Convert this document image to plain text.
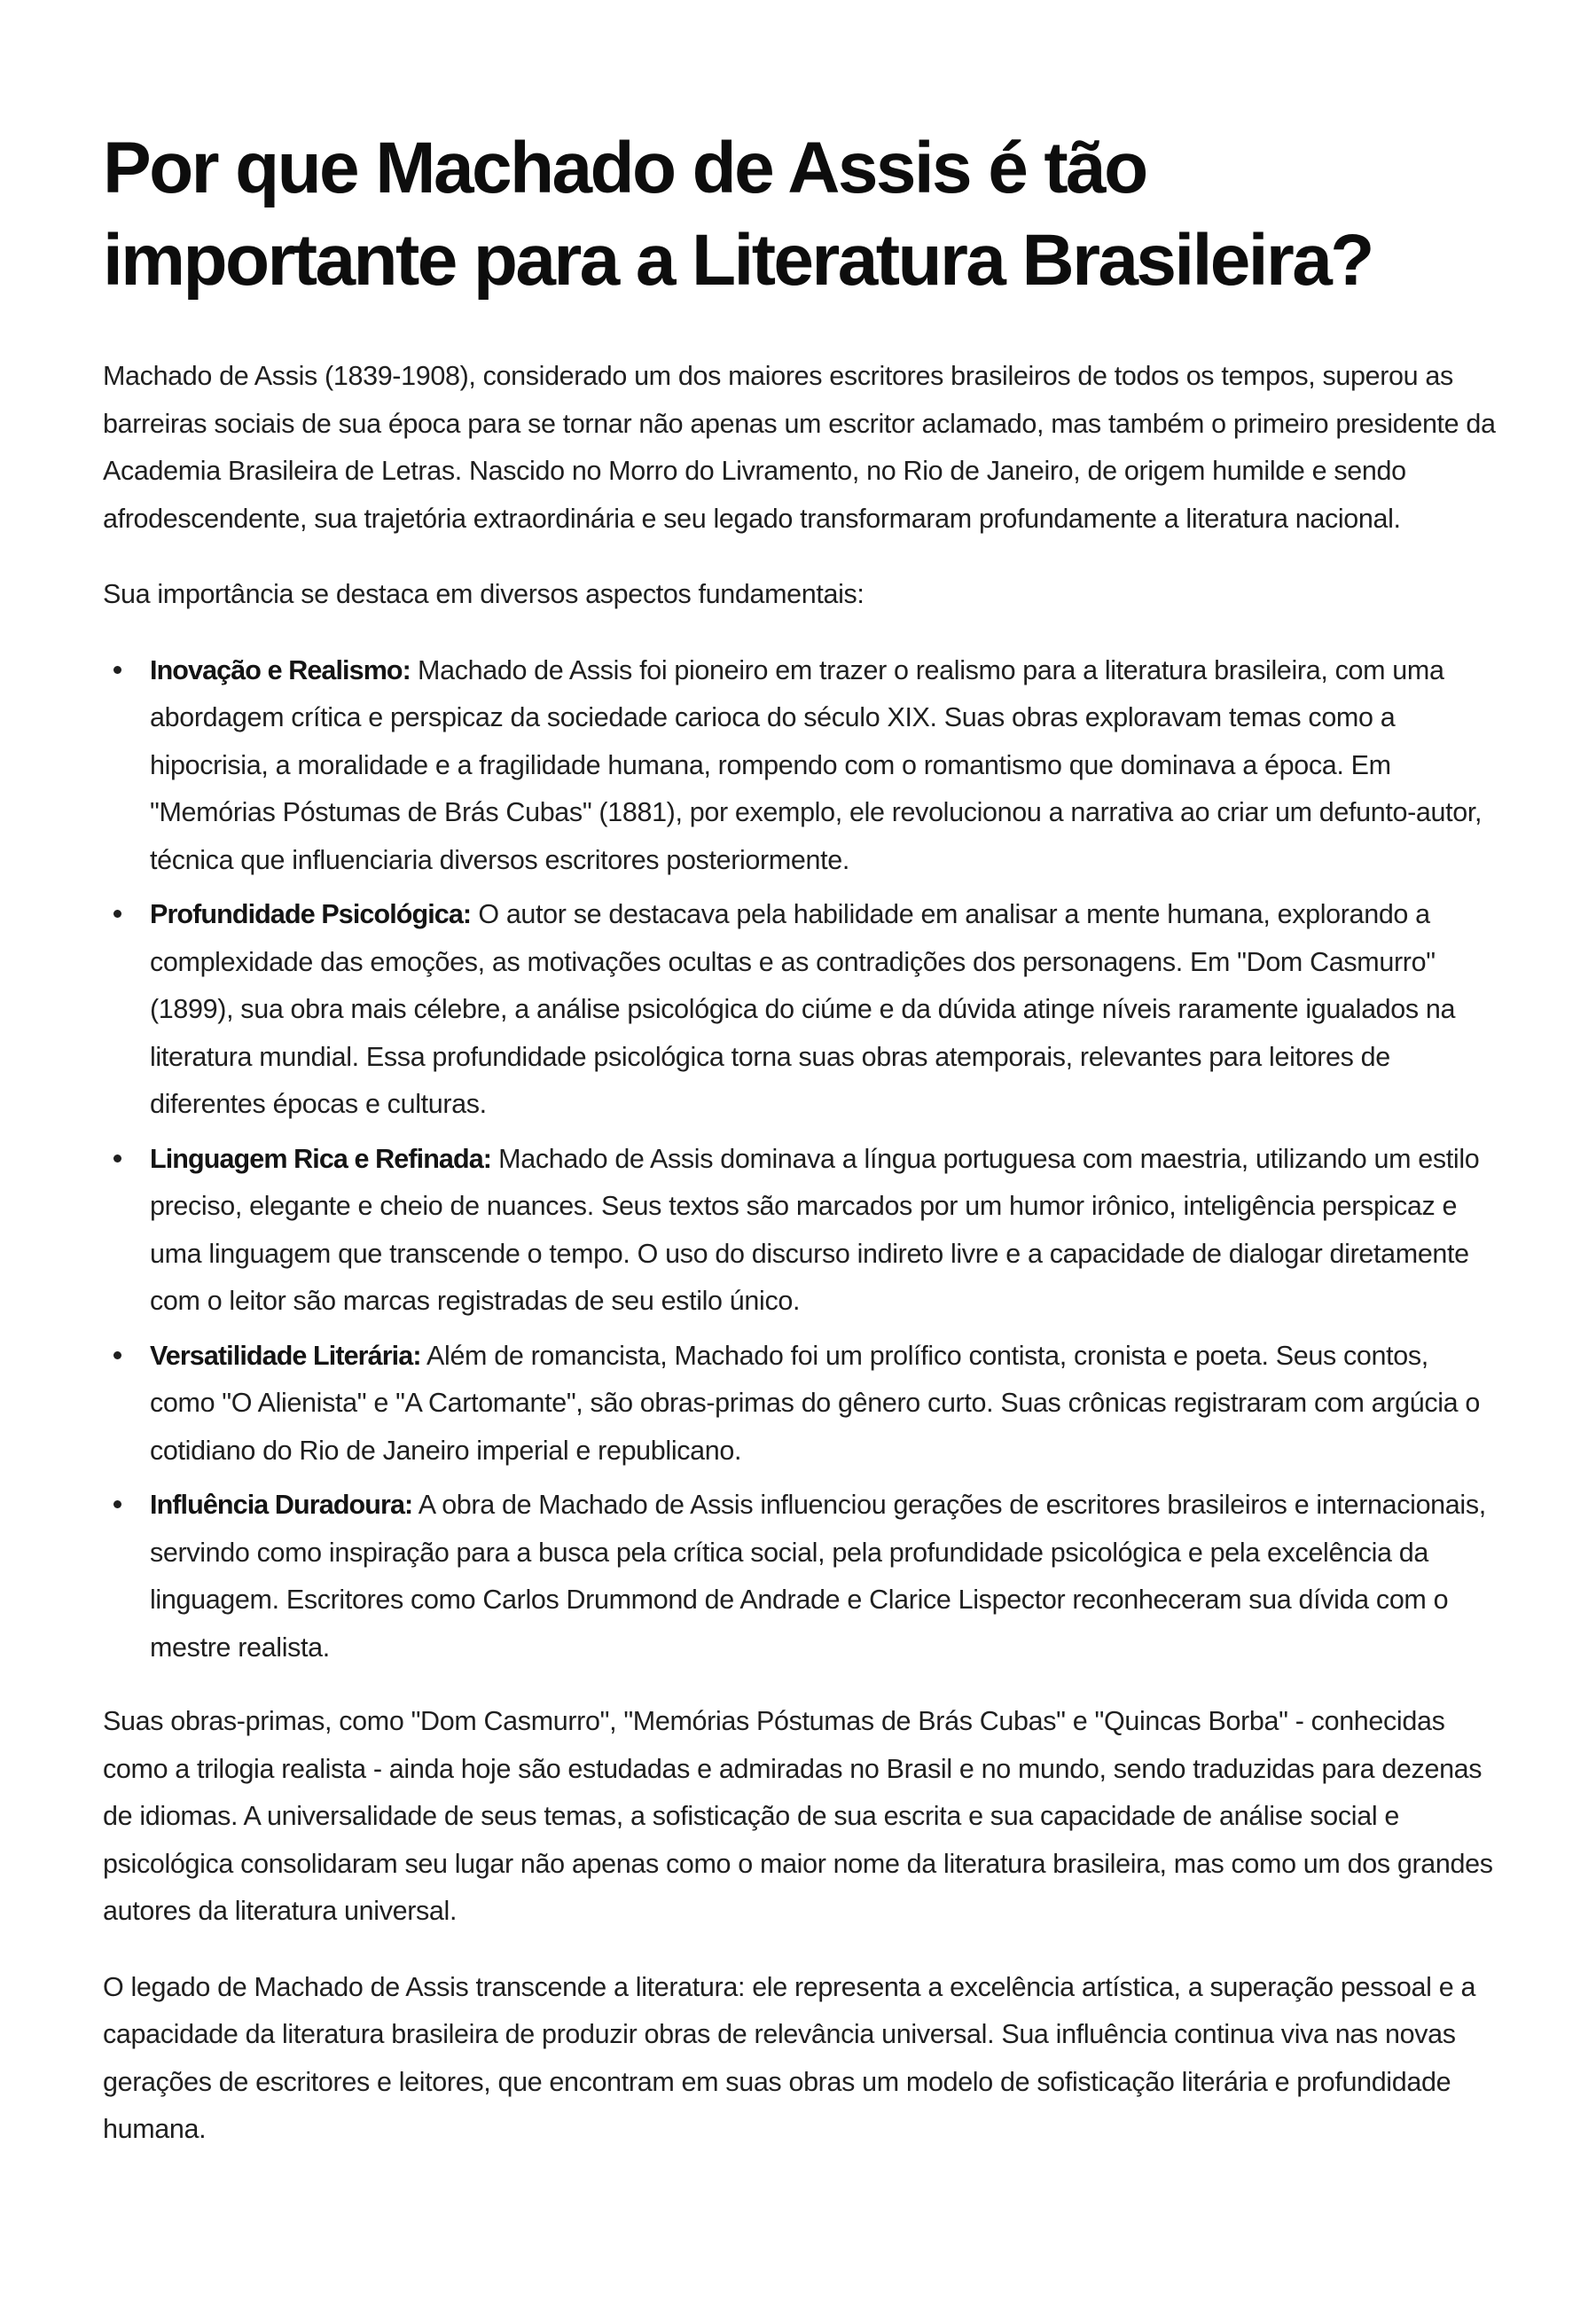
Por que Machado de Assis é tão importante para a Literatura Brasileira?

Machado de Assis (1839-1908), considerado um dos maiores escritores brasileiros de todos os tempos, superou as barreiras sociais de sua época para se tornar não apenas um escritor aclamado, mas também o primeiro presidente da Academia Brasileira de Letras. Nascido no Morro do Livramento, no Rio de Janeiro, de origem humilde e sendo afrodescendente, sua trajetória extraordinária e seu legado transformaram profundamente a literatura nacional.

Sua importância se destaca em diversos aspectos fundamentais:

Inovação e Realismo: Machado de Assis foi pioneiro em trazer o realismo para a literatura brasileira, com uma abordagem crítica e perspicaz da sociedade carioca do século XIX. Suas obras exploravam temas como a hipocrisia, a moralidade e a fragilidade humana, rompendo com o romantismo que dominava a época. Em "Memórias Póstumas de Brás Cubas" (1881), por exemplo, ele revolucionou a narrativa ao criar um defunto-autor, técnica que influenciaria diversos escritores posteriormente.
Profundidade Psicológica: O autor se destacava pela habilidade em analisar a mente humana, explorando a complexidade das emoções, as motivações ocultas e as contradições dos personagens. Em "Dom Casmurro" (1899), sua obra mais célebre, a análise psicológica do ciúme e da dúvida atinge níveis raramente igualados na literatura mundial. Essa profundidade psicológica torna suas obras atemporais, relevantes para leitores de diferentes épocas e culturas.
Linguagem Rica e Refinada: Machado de Assis dominava a língua portuguesa com maestria, utilizando um estilo preciso, elegante e cheio de nuances. Seus textos são marcados por um humor irônico, inteligência perspicaz e uma linguagem que transcende o tempo. O uso do discurso indireto livre e a capacidade de dialogar diretamente com o leitor são marcas registradas de seu estilo único.
Versatilidade Literária: Além de romancista, Machado foi um prolífico contista, cronista e poeta. Seus contos, como "O Alienista" e "A Cartomante", são obras-primas do gênero curto. Suas crônicas registraram com argúcia o cotidiano do Rio de Janeiro imperial e republicano.
Influência Duradoura: A obra de Machado de Assis influenciou gerações de escritores brasileiros e internacionais, servindo como inspiração para a busca pela crítica social, pela profundidade psicológica e pela excelência da linguagem. Escritores como Carlos Drummond de Andrade e Clarice Lispector reconheceram sua dívida com o mestre realista.

Suas obras-primas, como "Dom Casmurro", "Memórias Póstumas de Brás Cubas" e "Quincas Borba" - conhecidas como a trilogia realista - ainda hoje são estudadas e admiradas no Brasil e no mundo, sendo traduzidas para dezenas de idiomas. A universalidade de seus temas, a sofisticação de sua escrita e sua capacidade de análise social e psicológica consolidaram seu lugar não apenas como o maior nome da literatura brasileira, mas como um dos grandes autores da literatura universal.

O legado de Machado de Assis transcende a literatura: ele representa a excelência artística, a superação pessoal e a capacidade da literatura brasileira de produzir obras de relevância universal. Sua influência continua viva nas novas gerações de escritores e leitores, que encontram em suas obras um modelo de sofisticação literária e profundidade humana.
